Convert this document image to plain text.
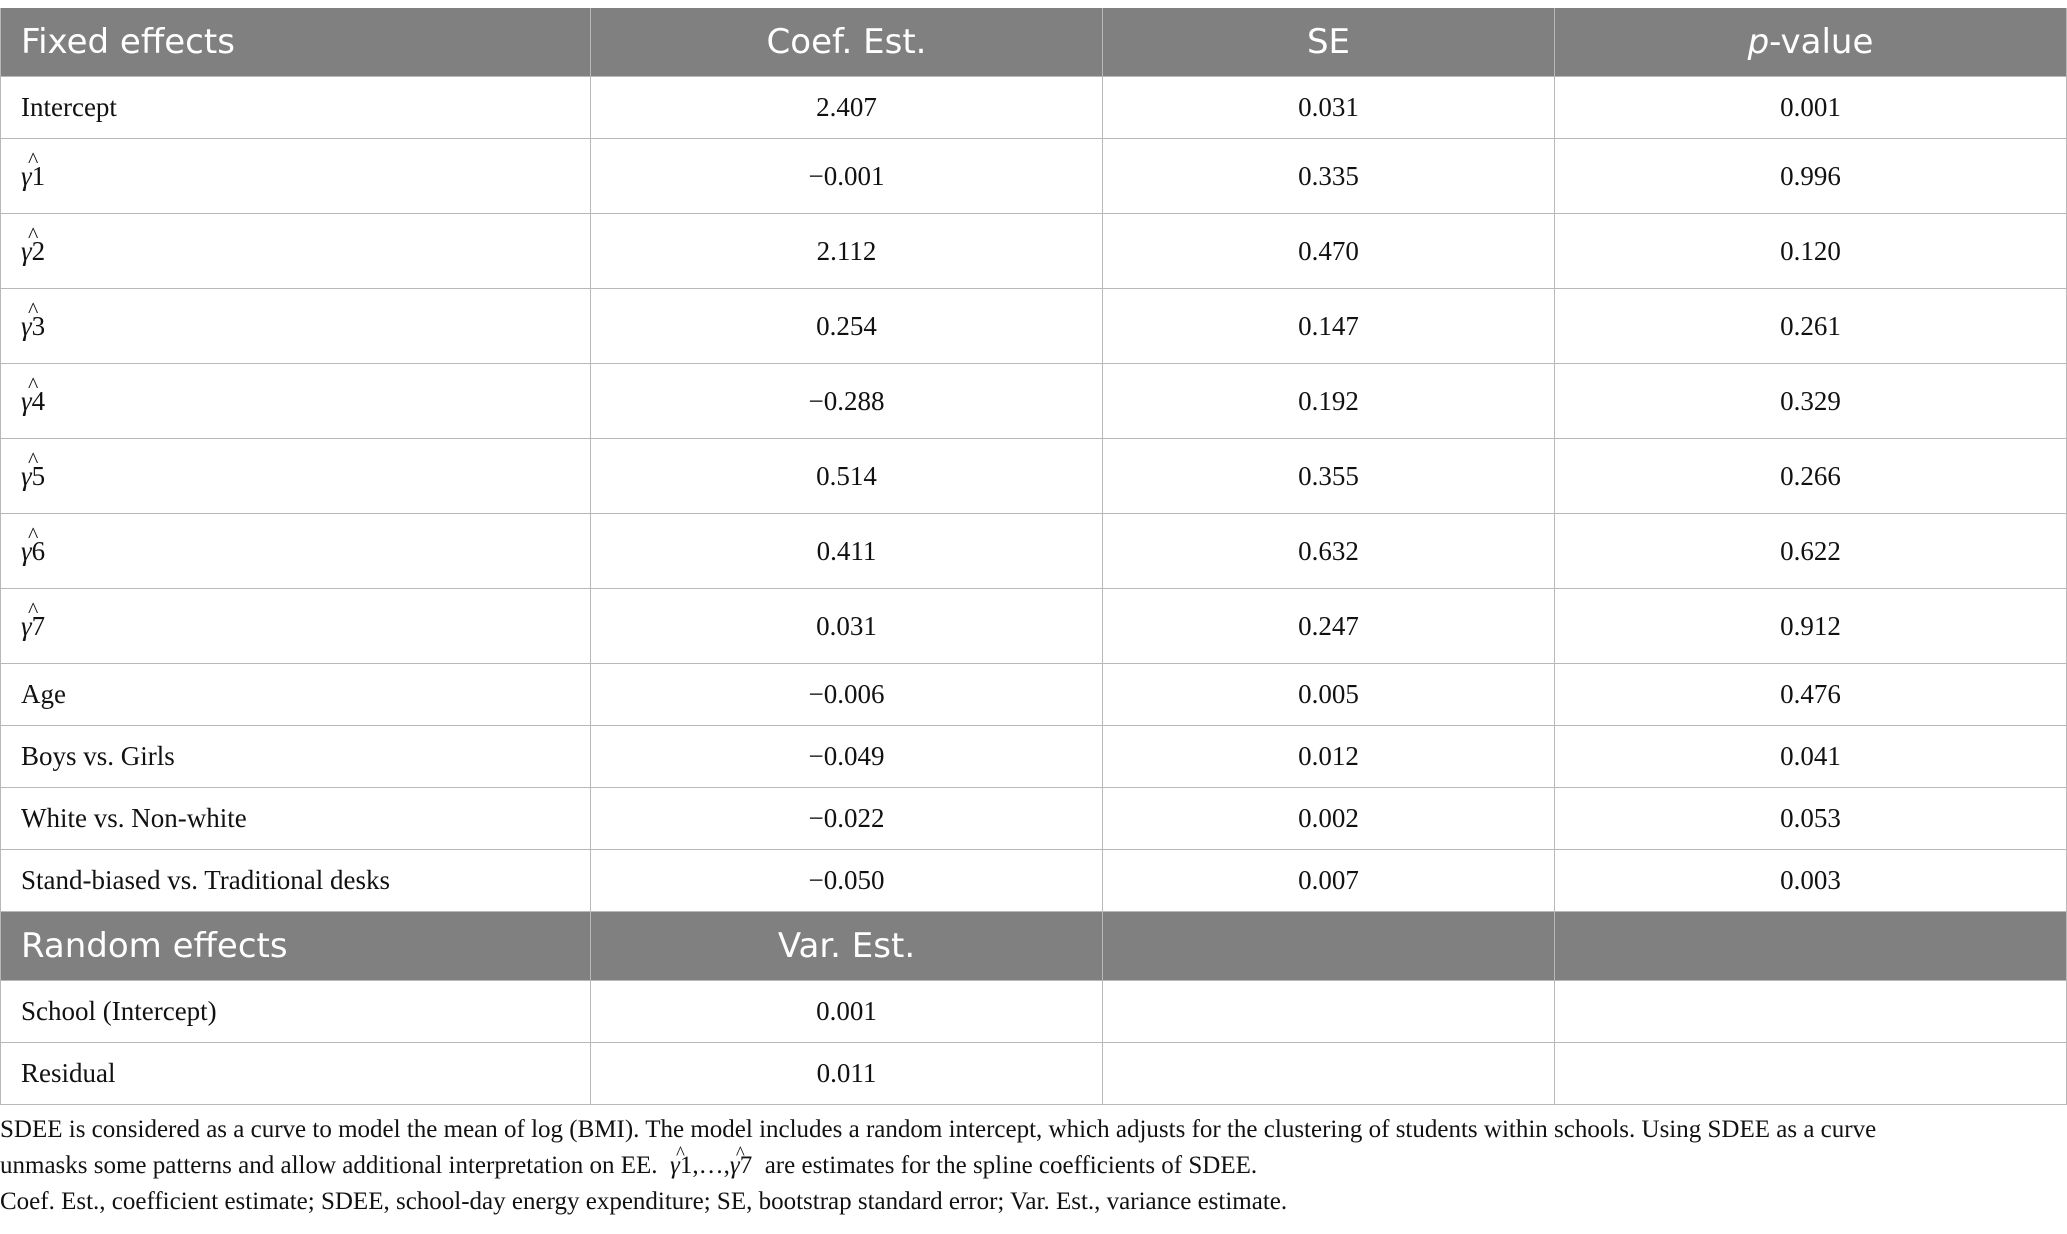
Fixed effects	Coef. Est.	SE	p-value
Intercept	2.407	0.031	0.001
^ γ1	−0.001	0.335	0.996
^ γ2	2.112	0.470	0.120
^ γ3	0.254	0.147	0.261
^ γ4	−0.288	0.192	0.329
^ γ5	0.514	0.355	0.266
^ γ6	0.411	0.632	0.622
^ γ7	0.031	0.247	0.912
Age	−0.006	0.005	0.476
Boys vs. Girls	−0.049	0.012	0.041
White vs. Non-white	−0.022	0.002	0.053
Stand-biased vs. Traditional desks	−0.050	0.007	0.003
Random effects	Var. Est.		
School (Intercept)	0.001		
Residual	0.011		

SDEE is considered as a curve to model the mean of log (BMI). The model includes a random intercept, which adjusts for the clustering of students within schools. Using SDEE as a curve

unmasks some patterns and allow additional interpretation on EE. ^ γ1,…,^ γ7 are estimates for the spline coefficients of SDEE.

Coef. Est., coefficient estimate; SDEE, school-day energy expenditure; SE, bootstrap standard error; Var. Est., variance estimate.
